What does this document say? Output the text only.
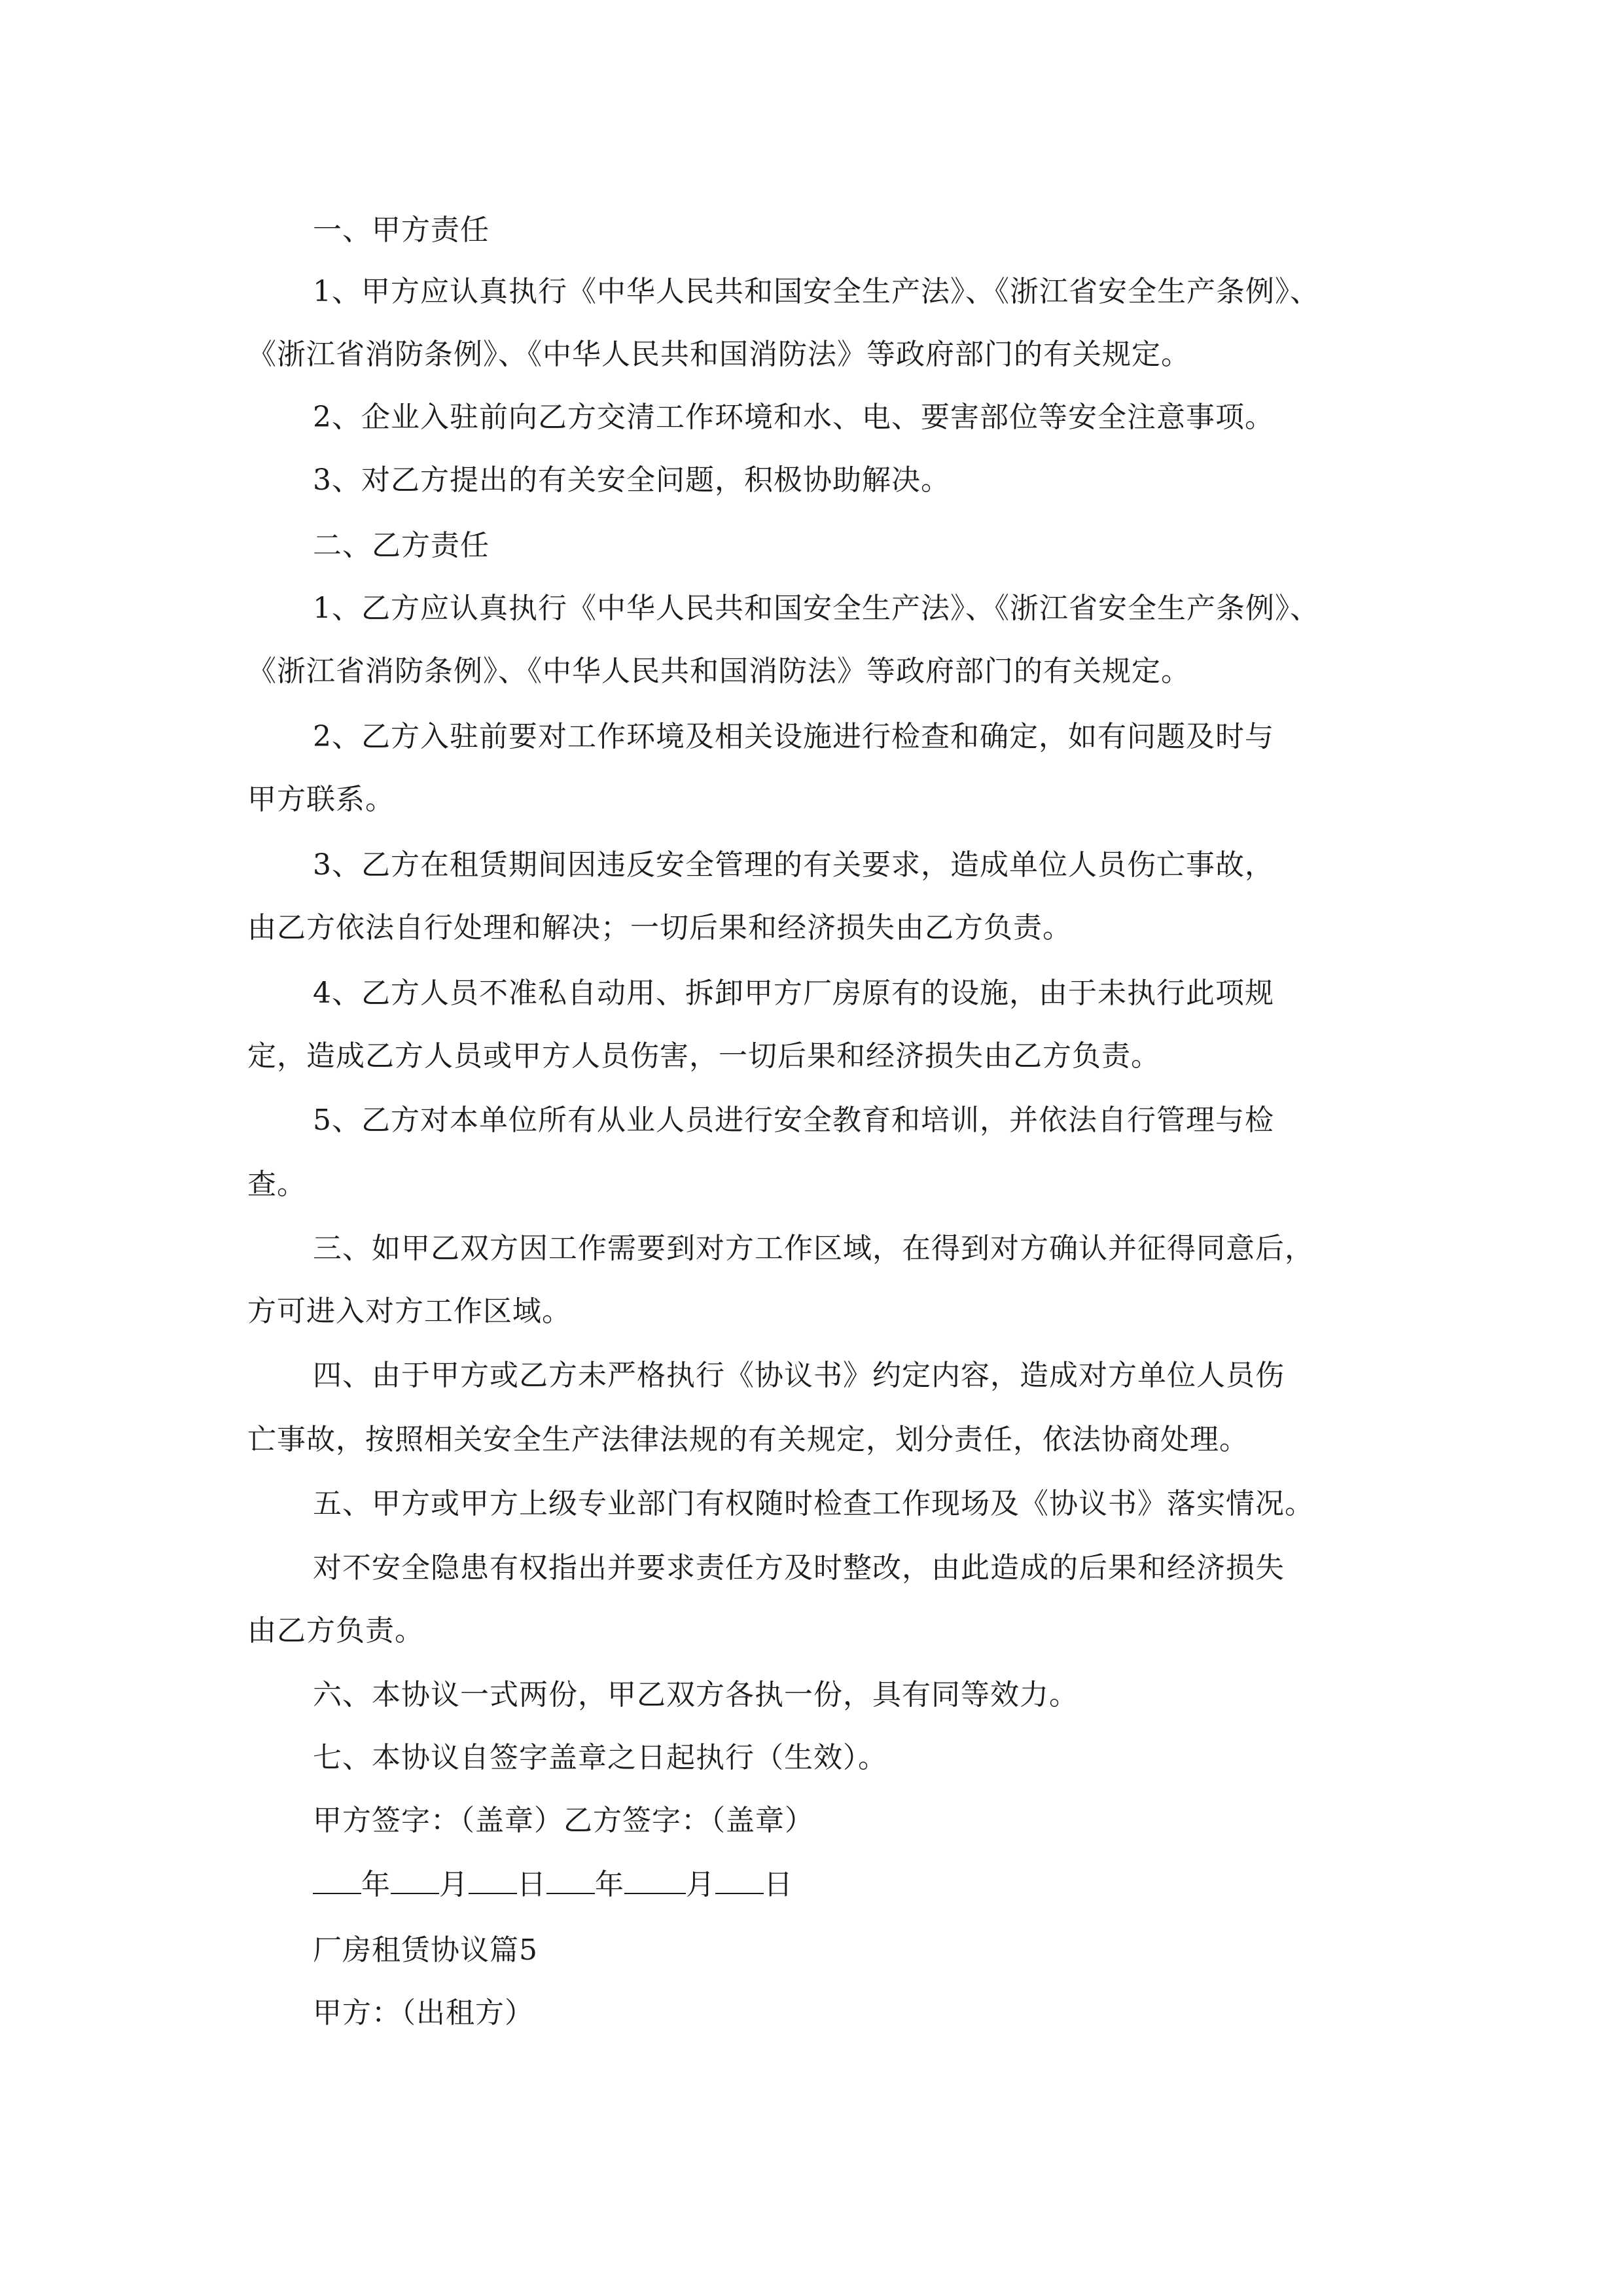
一、甲方责任
1、甲方应认真执行《中华人民共和国安全生产法》、《浙江省安全生产条例》、
《浙江省消防条例》、《中华人民共和国消防法》等政府部门的有关规定。
2、企业入驻前向乙方交清工作环境和水、电、要害部位等安全注意事项。
3、对乙方提出的有关安全问题，积极协助解决。
二、乙方责任
1、乙方应认真执行《中华人民共和国安全生产法》、《浙江省安全生产条例》、
《浙江省消防条例》、《中华人民共和国消防法》等政府部门的有关规定。
2、乙方入驻前要对工作环境及相关设施进行检查和确定，如有问题及时与
甲方联系。
3、乙方在租赁期间因违反安全管理的有关要求，造成单位人员伤亡事故，
由乙方依法自行处理和解决；一切后果和经济损失由乙方负责。
4、乙方人员不准私自动用、拆卸甲方厂房原有的设施，由于未执行此项规
定，造成乙方人员或甲方人员伤害，一切后果和经济损失由乙方负责。
5、乙方对本单位所有从业人员进行安全教育和培训，并依法自行管理与检
查。
三、如甲乙双方因工作需要到对方工作区域，在得到对方确认并征得同意后，
方可进入对方工作区域。
四、由于甲方或乙方未严格执行《协议书》约定内容，造成对方单位人员伤
亡事故，按照相关安全生产法律法规的有关规定，划分责任，依法协商处理。
五、甲方或甲方上级专业部门有权随时检查工作现场及《协议书》落实情况。
对不安全隐患有权指出并要求责任方及时整改，由此造成的后果和经济损失
由乙方负责。
六、本协议一式两份，甲乙双方各执一份，具有同等效力。
七、本协议自签字盖章之日起执行（生效）。
甲方签字：（盖章）乙方签字：（盖章）
年 月 日 年 月 日
厂房租赁协议篇5
甲方：（出租方）
